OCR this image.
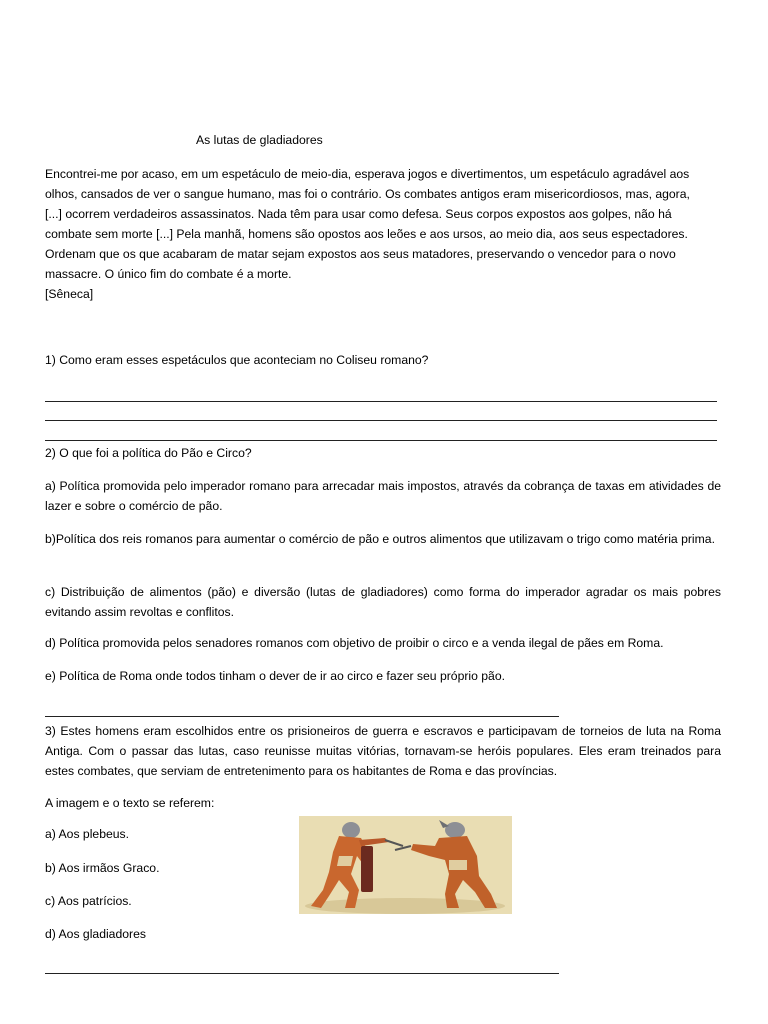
As lutas de gladiadores
Encontrei-me por acaso, em um espetáculo de meio-dia, esperava jogos e divertimentos, um espetáculo agradável aos
olhos, cansados de ver o sangue humano, mas foi o contrário. Os combates antigos eram misericordiosos, mas, agora,
[...] ocorrem verdadeiros assassinatos. Nada têm para usar como defesa. Seus corpos expostos aos golpes, não há
combate sem morte [...] Pela manhã, homens são opostos aos leões e aos ursos, ao meio dia, aos seus espectadores.
Ordenam que os que acabaram de matar sejam expostos aos seus matadores, preservando o vencedor para o novo
massacre. O único fim do combate é a morte.
[Sêneca]
1) Como eram esses espetáculos que aconteciam no Coliseu romano?
2) O que foi a política do Pão e Circo?
a) Política promovida pelo imperador romano para arrecadar mais impostos, através da cobrança de taxas em atividades de lazer e sobre o comércio de pão.
b)Política dos reis romanos para aumentar o comércio de pão e outros alimentos que utilizavam o trigo como matéria prima.
c) Distribuição de alimentos (pão) e diversão (lutas de gladiadores) como forma do imperador agradar os mais pobres evitando assim revoltas e conflitos.
d) Política promovida pelos senadores romanos com objetivo de proibir o circo e a venda ilegal de pães em Roma.
e) Política de Roma onde todos tinham o dever de ir ao circo e fazer seu próprio pão.
3) Estes homens eram escolhidos entre os prisioneiros de guerra e escravos e participavam de torneios de luta na Roma Antiga. Com o passar das lutas, caso reunisse muitas vitórias, tornavam-se heróis populares. Eles eram treinados para estes combates, que serviam de entretenimento para os habitantes de Roma e das províncias.
A imagem e o texto se referem:
a) Aos plebeus.
b) Aos irmãos Graco.
c) Aos patrícios.
d) Aos gladiadores
